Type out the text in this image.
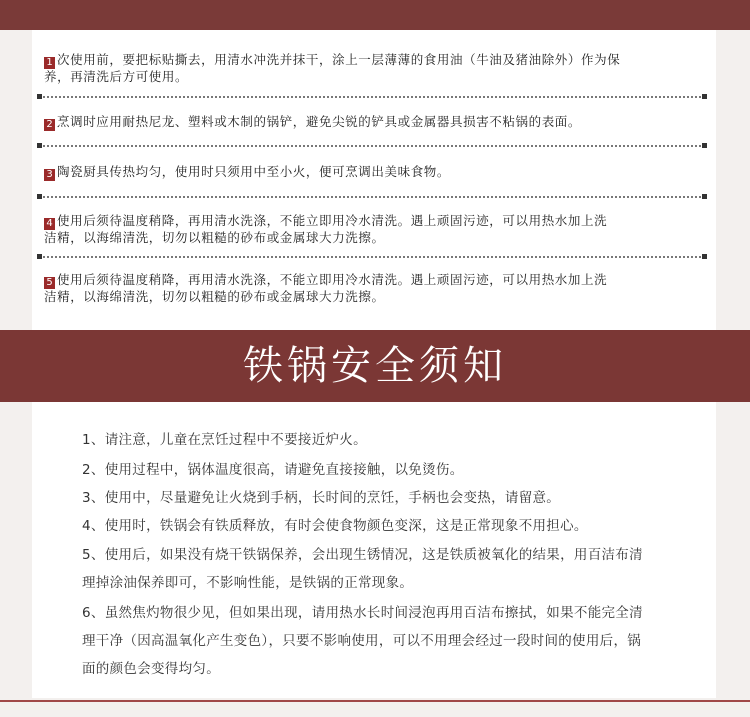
1 次使用前，要把标贴撕去，用清水冲洗并抹干，涂上一层薄薄的食用油（牛油及猪油除外）作为保
养，再清洗后方可使用。
2 烹调时应用耐热尼龙、塑料或木制的锅铲，避免尖锐的铲具或金属器具损害不粘锅的表面。
3 陶瓷厨具传热均匀，使用时只须用中至小火，便可烹调出美味食物。
4 使用后须待温度稍降，再用清水洗涤，不能立即用冷水清洗。遇上顽固污迹，可以用热水加上洗
洁精，以海绵清洗，切勿以粗糙的砂布或金属球大力洗擦。
5 使用后须待温度稍降，再用清水洗涤，不能立即用冷水清洗。遇上顽固污迹，可以用热水加上洗
洁精，以海绵清洗，切勿以粗糙的砂布或金属球大力洗擦。
铁锅安全须知
1、请注意，儿童在烹饪过程中不要接近炉火。
2、使用过程中，锅体温度很高，请避免直接接触，以免烫伤。
3、使用中，尽量避免让火烧到手柄，长时间的烹饪，手柄也会变热，请留意。
4、使用时，铁锅会有铁质释放，有时会使食物颜色变深，这是正常现象不用担心。
5、使用后，如果没有烧干铁锅保养，会出现生锈情况，这是铁质被氧化的结果，用百洁布清
理掉涂油保养即可，不影响性能，是铁锅的正常现象。
6、虽然焦灼物很少见，但如果出现，请用热水长时间浸泡再用百洁布擦拭，如果不能完全清
理干净（因高温氧化产生变色），只要不影响使用，可以不用理会经过一段时间的使用后，锅
面的颜色会变得均匀。
